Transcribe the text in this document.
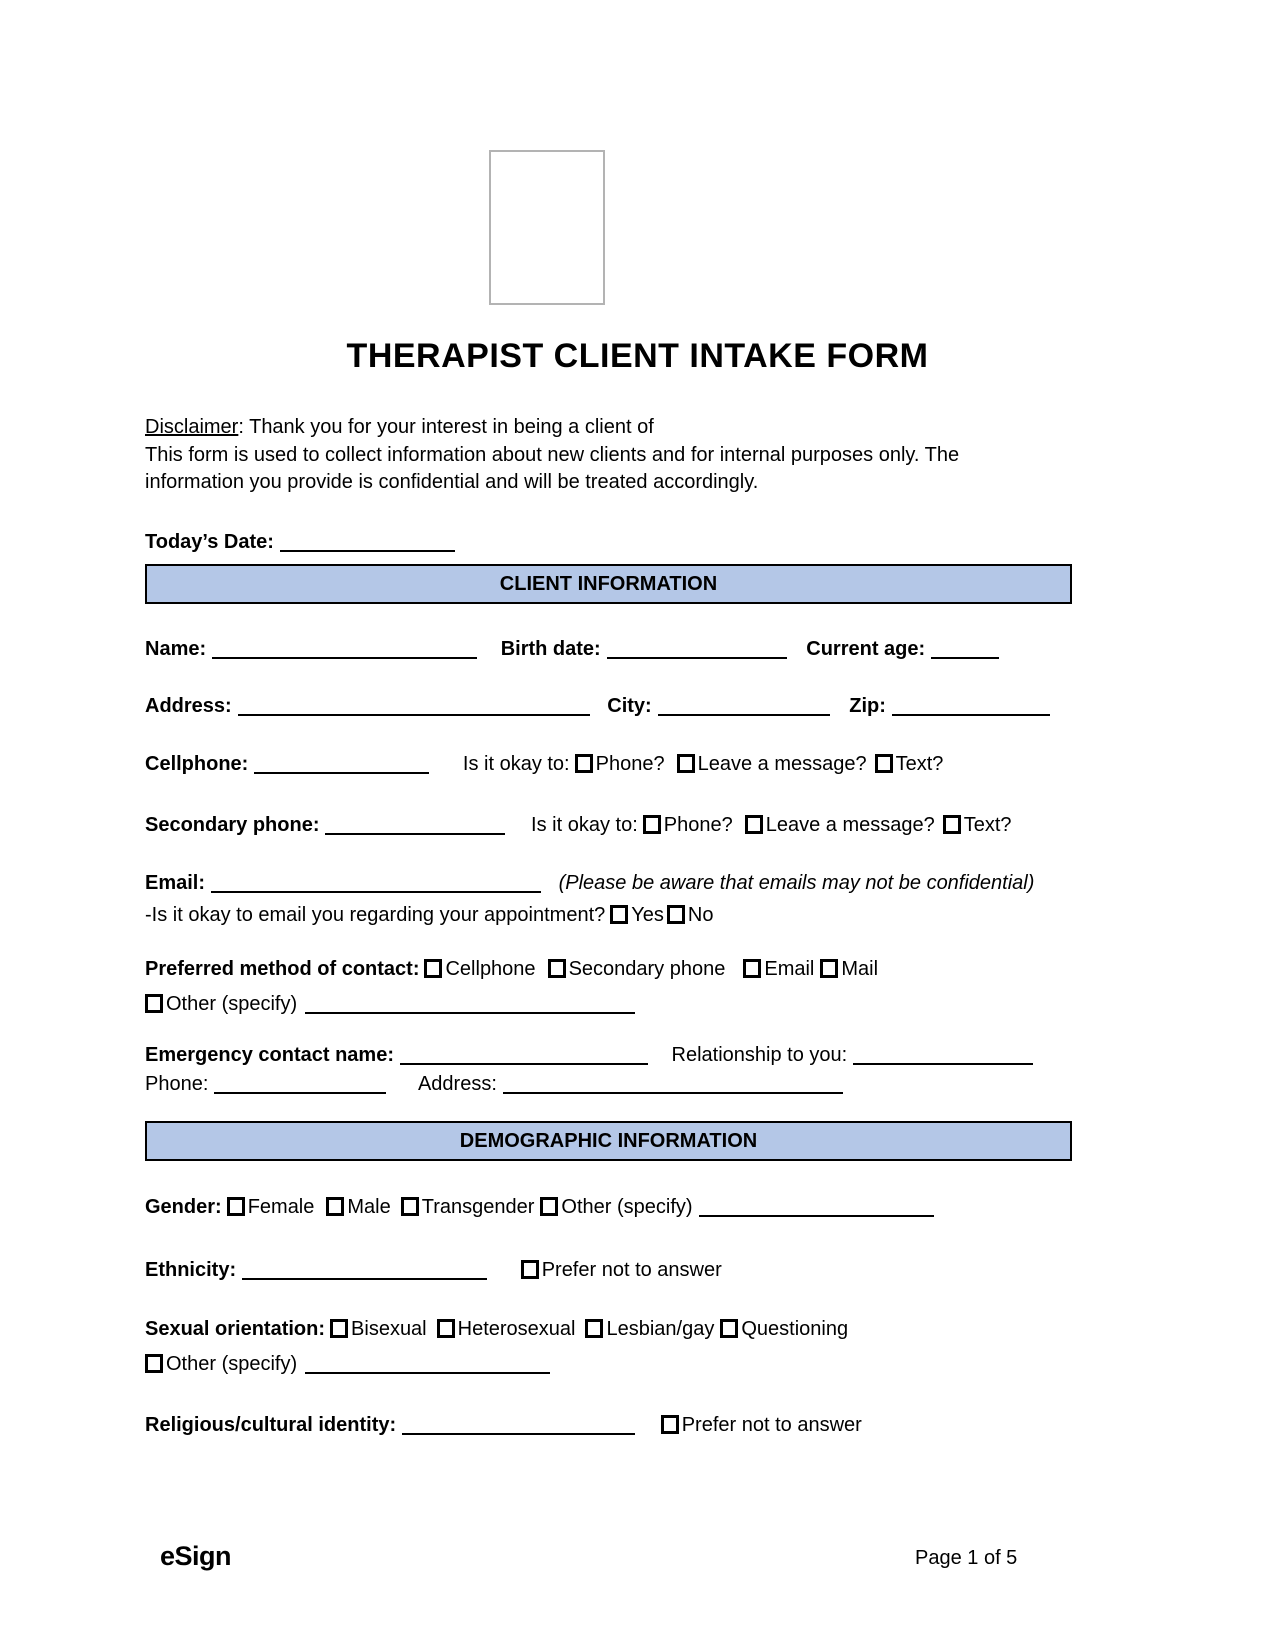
THERAPIST CLIENT INTAKE FORM
Disclaimer: Thank you for your interest in being a client of
This form is used to collect information about new clients and for internal purposes only. The
information you provide is confidential and will be treated accordingly.
Today’s Date:
CLIENT INFORMATION
Name:	Birth date:	Current age:
Address:	City:	Zip:
Cellphone:	Is it okay to: Phone? Leave a message? Text?
Secondary phone:	Is it okay to: Phone? Leave a message? Text?
Email:	(Please be aware that emails may not be confidential)
-Is it okay to email you regarding your appointment? Yes No
Preferred method of contact: Cellphone Secondary phone Email Mail
Other (specify)
Emergency contact name:	Relationship to you:
Phone:	Address:
DEMOGRAPHIC INFORMATION
Gender: Female Male Transgender Other (specify)
Ethnicity:	Prefer not to answer
Sexual orientation: Bisexual Heterosexual Lesbian/gay Questioning
Other (specify)
Religious/cultural identity:	Prefer not to answer
eSign	Page 1 of 5
